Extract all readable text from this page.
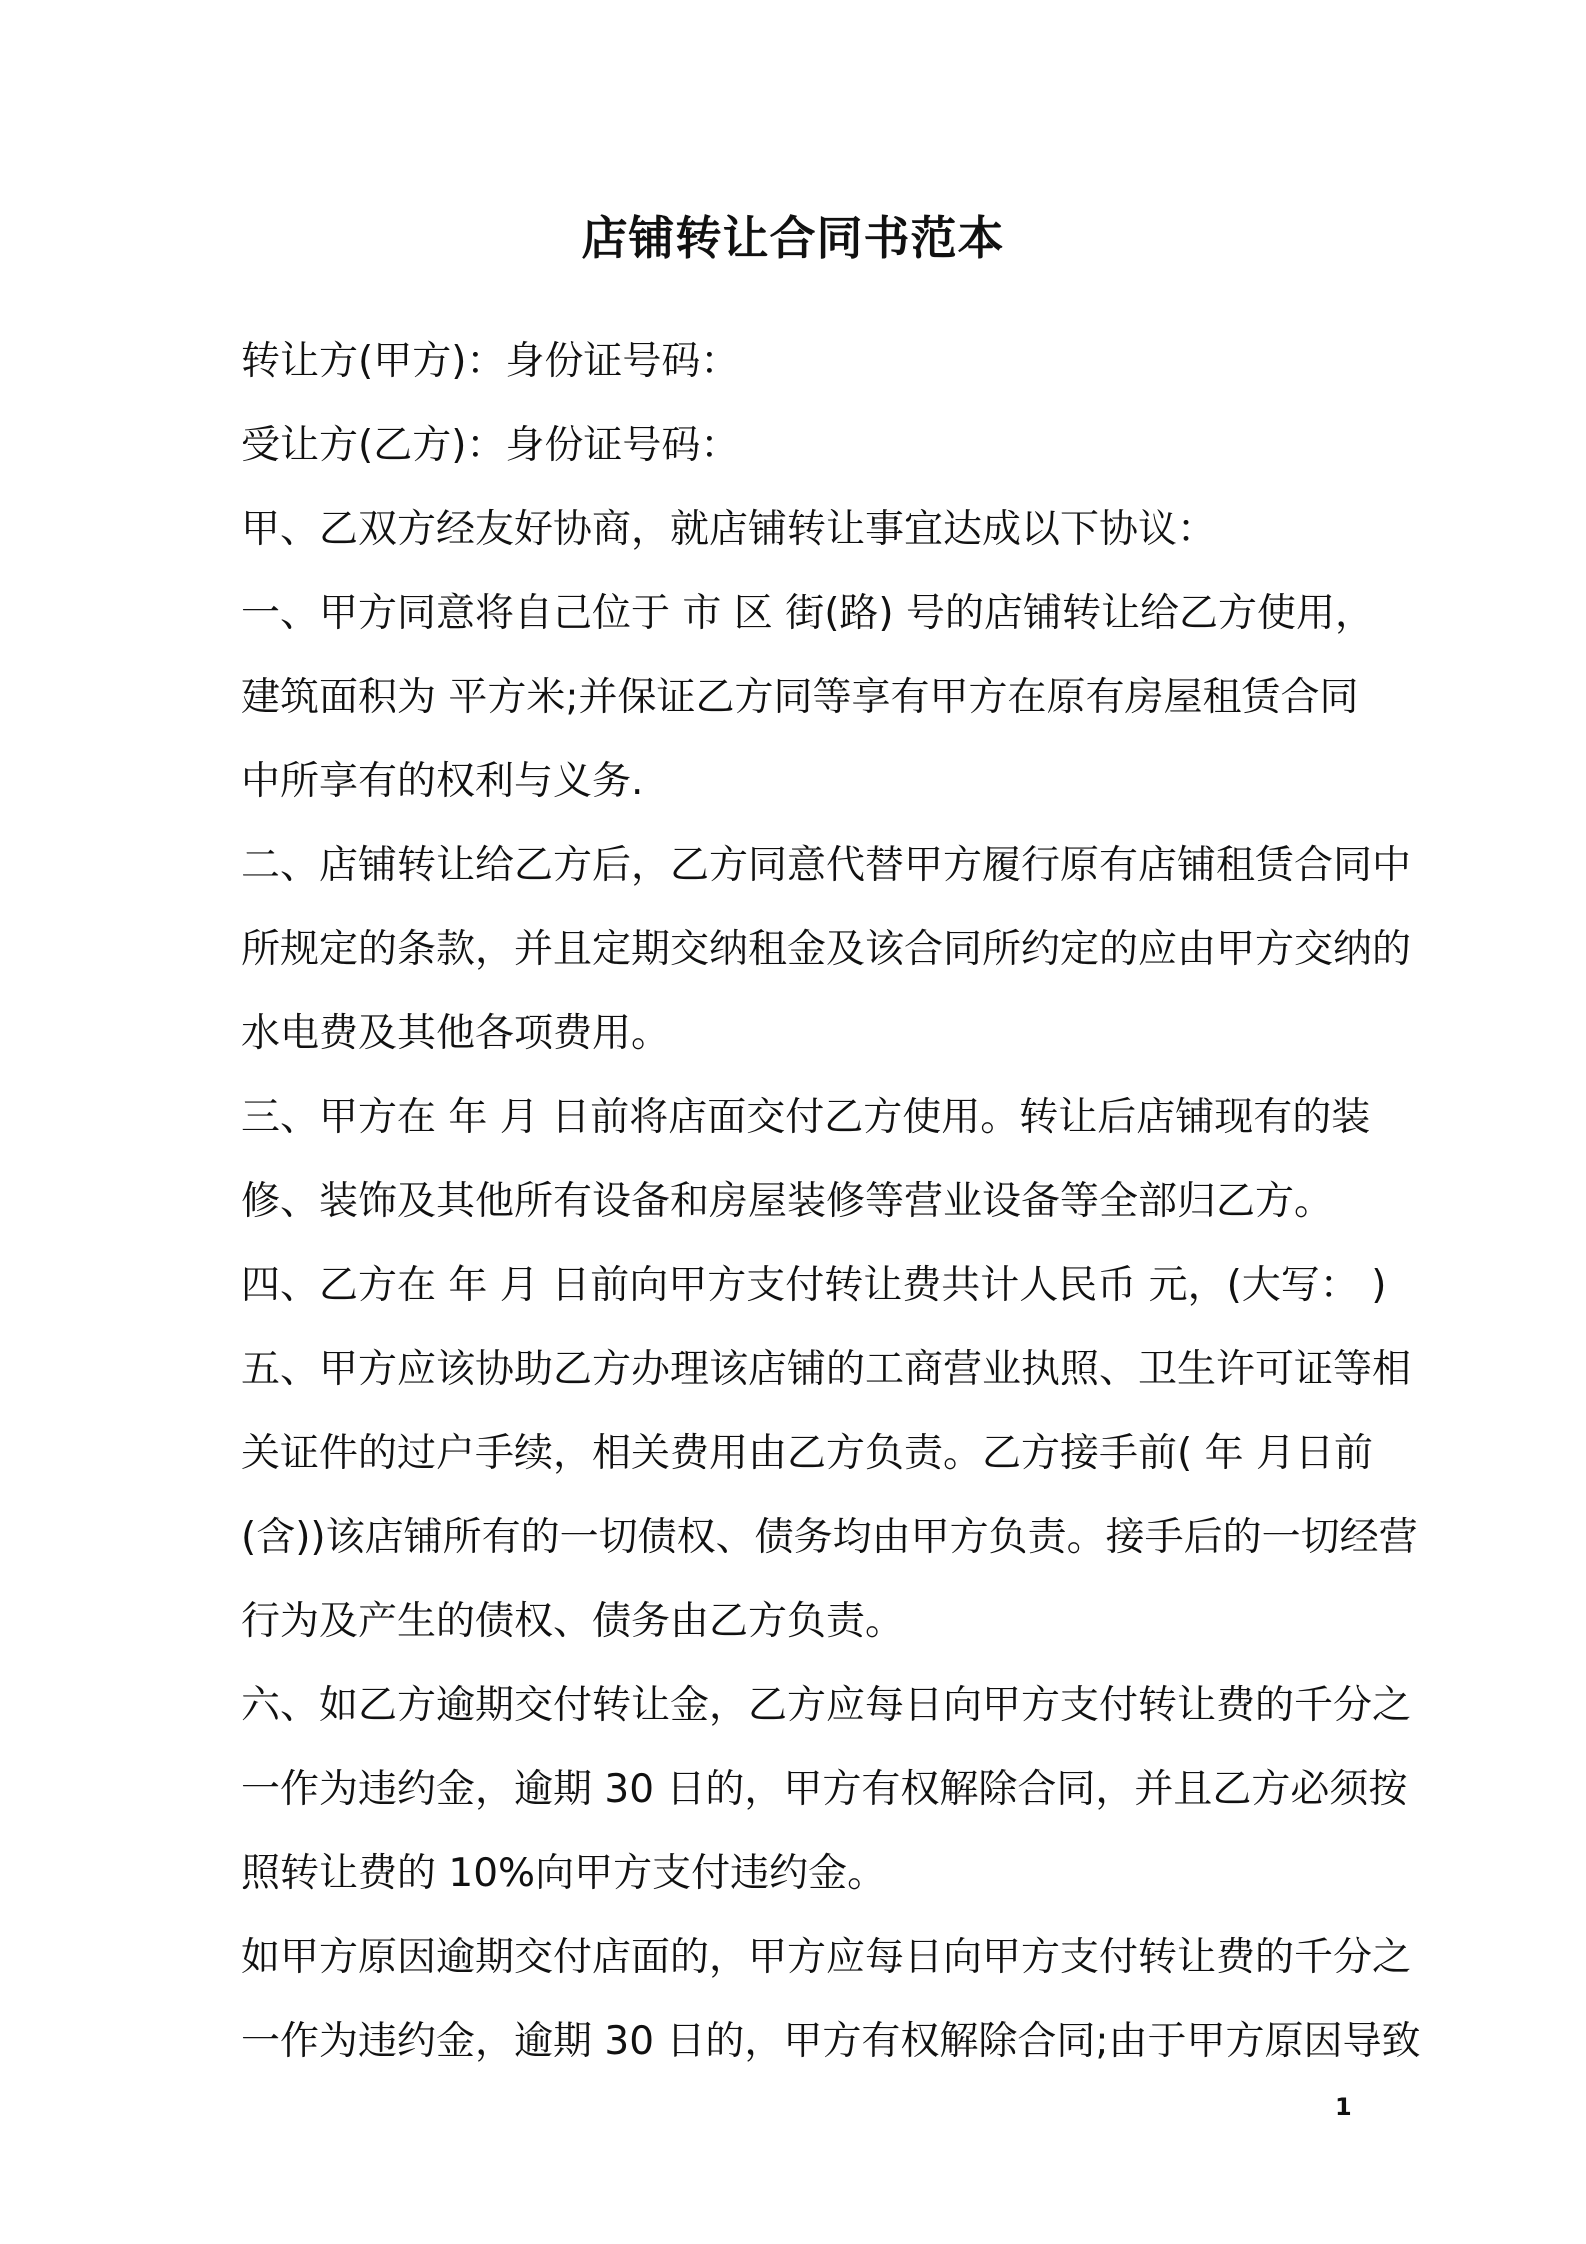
店铺转让合同书范本
转让方(甲方)：身份证号码：
受让方(乙方)：身份证号码：
甲、乙双方经友好协商，就店铺转让事宜达成以下协议：
一、甲方同意将自己位于 市 区 街(路) 号的店铺转让给乙方使用，
建筑面积为 平方米;并保证乙方同等享有甲方在原有房屋租赁合同
中所享有的权利与义务.
二、店铺转让给乙方后，乙方同意代替甲方履行原有店铺租赁合同中
所规定的条款，并且定期交纳租金及该合同所约定的应由甲方交纳的
水电费及其他各项费用。
三、甲方在 年 月 日前将店面交付乙方使用。转让后店铺现有的装
修、装饰及其他所有设备和房屋装修等营业设备等全部归乙方。
四、乙方在 年 月 日前向甲方支付转让费共计人民币 元，(大写： )
五、甲方应该协助乙方办理该店铺的工商营业执照、卫生许可证等相
关证件的过户手续，相关费用由乙方负责。乙方接手前( 年 月日前
(含))该店铺所有的一切债权、债务均由甲方负责。接手后的一切经营
行为及产生的债权、债务由乙方负责。
六、如乙方逾期交付转让金，乙方应每日向甲方支付转让费的千分之
一作为违约金，逾期 30 日的，甲方有权解除合同，并且乙方必须按
照转让费的 10%向甲方支付违约金。
如甲方原因逾期交付店面的，甲方应每日向甲方支付转让费的千分之
一作为违约金，逾期 30 日的，甲方有权解除合同;由于甲方原因导致
1
